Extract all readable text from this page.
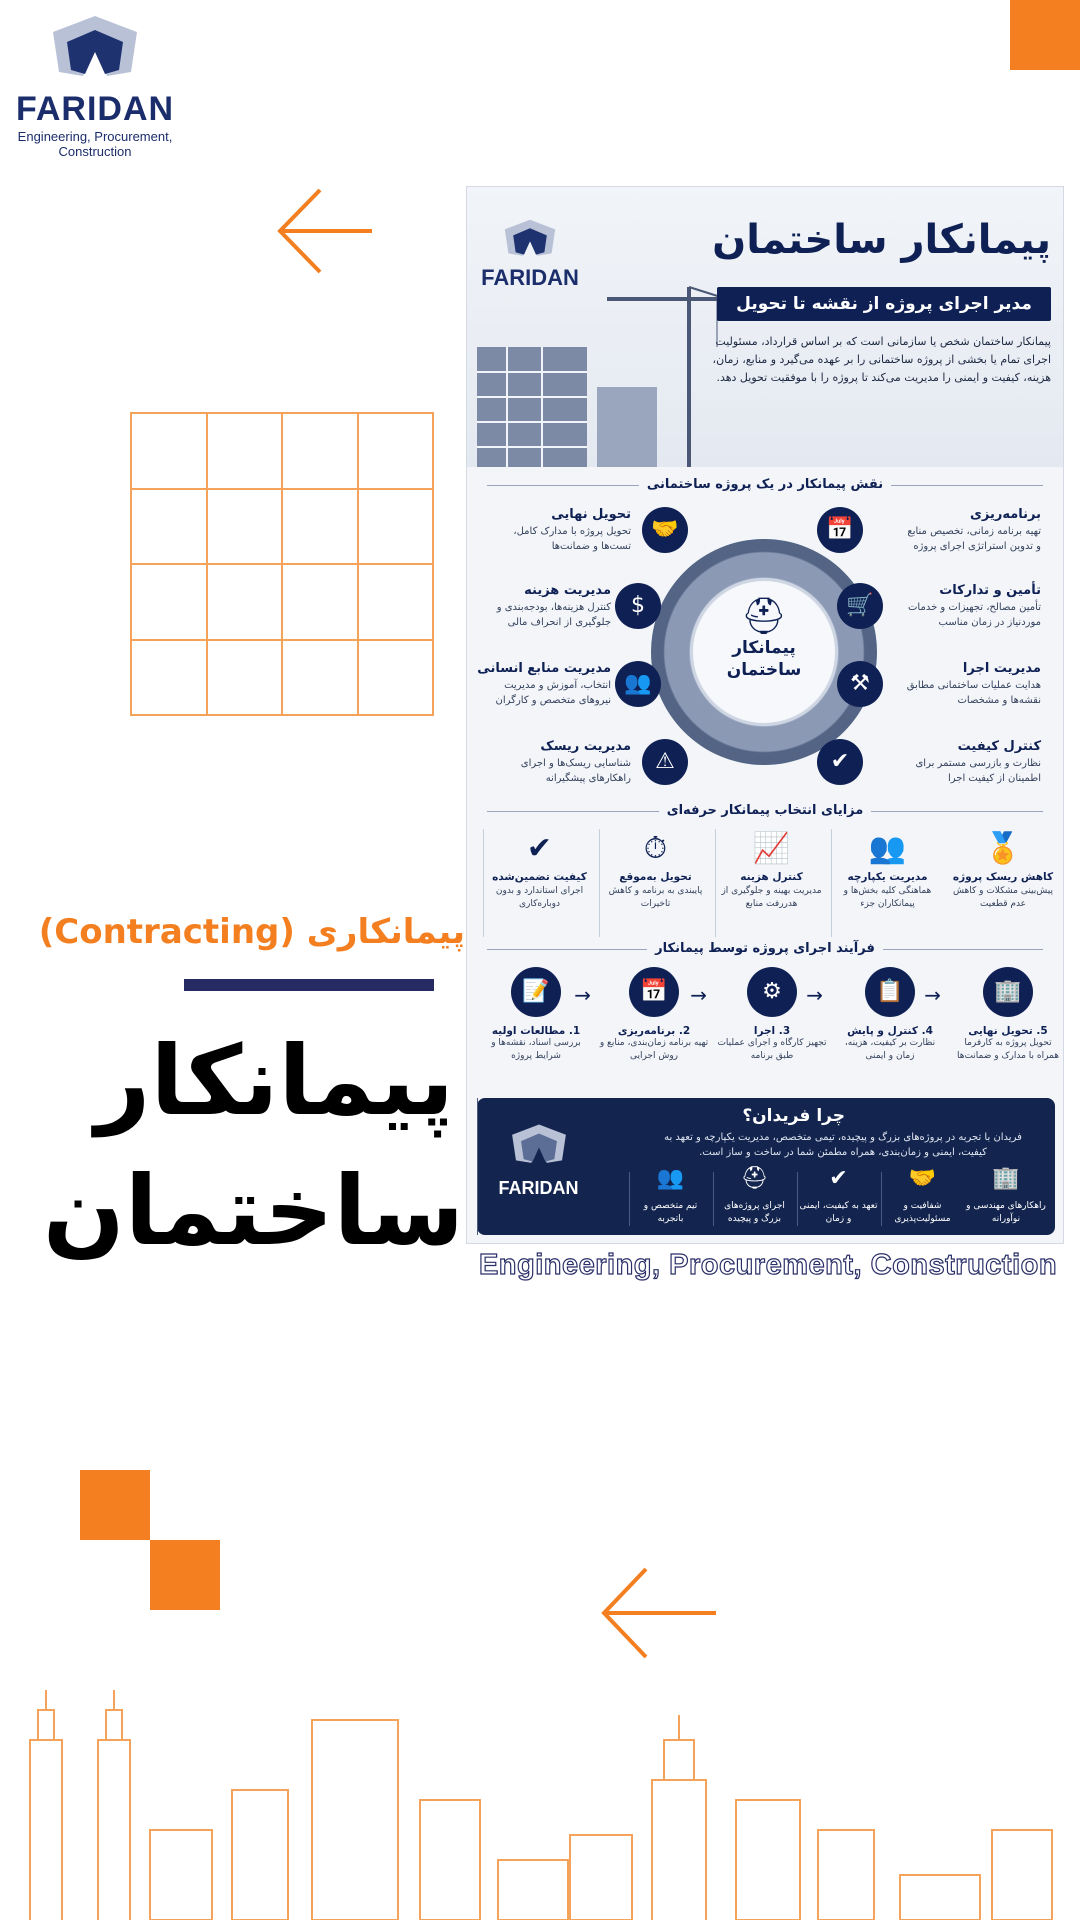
FARIDAN
Engineering, Procurement,
Construction
پیمانکاری (Contracting)
پیمانکار
ساختمان
FARIDAN
پیمانکار ساختمان
مدیر اجرای پروژه از نقشه تا تحویل
پیمانکار ساختمان شخص یا سازمانی است که بر اساس قرارداد، مسئولیت اجرای تمام یا بخشی از پروژه ساختمانی را بر عهده می‌گیرد و منابع، زمان، هزینه، کیفیت و ایمنی را مدیریت می‌کند تا پروژه را با موفقیت تحویل دهد.
نقش پیمانکار در یک پروژه ساختمانی
⛑
پیمانکار
ساختمان
📅
برنامه‌ریزی
تهیه برنامه زمانی، تخصیص منابع و تدوین استراتژی اجرای پروژه
🛒
تأمین و تدارکات
تأمین مصالح، تجهیزات و خدمات موردنیاز در زمان مناسب
⚒
مدیریت اجرا
هدایت عملیات ساختمانی مطابق نقشه‌ها و مشخصات
✔
کنترل کیفیت
نظارت و بازرسی مستمر برای اطمینان از کیفیت اجرا
🤝
تحویل نهایی
تحویل پروژه با مدارک کامل، تست‌ها و ضمانت‌ها
$
مدیریت هزینه
کنترل هزینه‌ها، بودجه‌بندی و جلوگیری از انحراف مالی
👥
مدیریت منابع انسانی
انتخاب، آموزش و مدیریت نیروهای متخصص و کارگران
⚠
مدیریت ریسک
شناسایی ریسک‌ها و اجرای راهکارهای پیشگیرانه
مزایای انتخاب پیمانکار حرفه‌ای
🏅
کاهش ریسک پروژه
پیش‌بینی مشکلات و کاهش عدم قطعیت
👥
مدیریت یکپارچه
هماهنگی کلیه بخش‌ها و پیمانکاران جزء
📈
کنترل هزینه
مدیریت بهینه و جلوگیری از هدررفت منابع
⏱
تحویل به‌موقع
پایبندی به برنامه و کاهش تاخیرات
✔
کیفیت تضمین‌شده
اجرای استاندارد و بدون دوباره‌کاری
فرآیند اجرای پروژه توسط پیمانکار
🏢
5. تحویل نهایی
تحویل پروژه به کارفرما همراه با مدارک و ضمانت‌ها
→
📋
4. کنترل و پایش
نظارت بر کیفیت، هزینه، زمان و ایمنی
→
⚙
3. اجرا
تجهیز کارگاه و اجرای عملیات طبق برنامه
→
📅
2. برنامه‌ریزی
تهیه برنامه زمان‌بندی، منابع و روش اجرایی
→
📝
1. مطالعات اولیه
بررسی اسناد، نقشه‌ها و شرایط پروژه
چرا فریدان؟
فریدان با تجربه در پروژه‌های بزرگ و پیچیده، تیمی متخصص، مدیریت یکپارچه و تعهد به کیفیت، ایمنی و زمان‌بندی، همراه مطمئن شما در ساخت و ساز است.
FARIDAN	🏢
راهکارهای مهندسی و نوآورانه
🤝
شفافیت و مسئولیت‌پذیری
✔
تعهد به کیفیت، ایمنی و زمان
⛑
اجرای پروژه‌های بزرگ و پیچیده
👥
تیم متخصص و باتجربه
Engineering, Procurement, Construction
